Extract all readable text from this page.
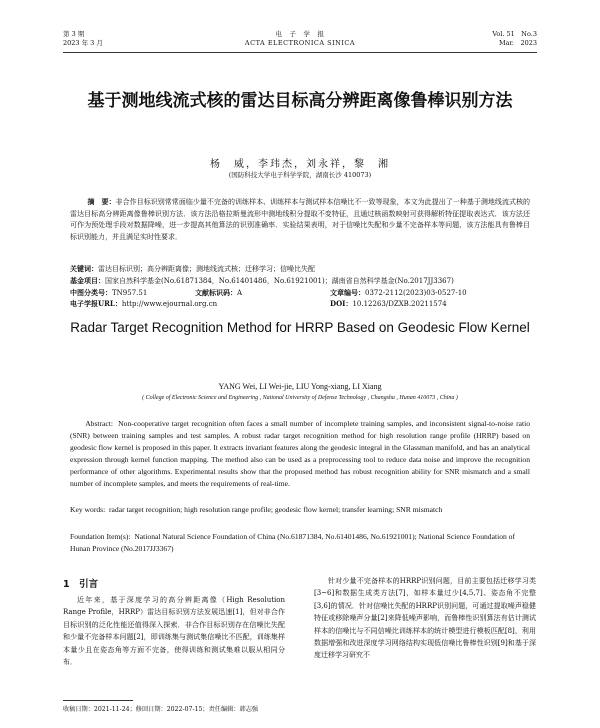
第 3 期
2023 年 3 月
电　子　学　报
ACTA ELECTRONICA SINICA
Vol. 51　No.3
Mar.　2023
基于测地线流式核的雷达目标高分辨距离像鲁棒识别方法
杨　威，李玮杰，刘永祥，黎　湘
(国防科技大学电子科学学院，湖南长沙 410073)
摘　要：非合作目标识别常常面临少量不完备的训练样本、训练样本与测试样本信噪比不一致等现象，本文为此提出了一种基于测地线流式核的雷达目标高分辨距离像鲁棒识别方法．该方法沿格拉斯曼流形中测地线积分提取不变特征，且通过核函数映射可获得解析特征提取表达式．该方法还可作为预处理手段对数据降噪，进一步提高其他算法的识别准确率．实验结果表明，对于信噪比失配和少量不完备样本等问题，该方法能具有鲁棒目标识别能力，并且满足实时性要求．
关键词：雷达目标识别；高分辨距离像；测地线流式核；迁移学习；信噪比失配
基金项目：国家自然科学基金(No.61871384，No.61401486，No.61921001)；湖南省自然科学基金(No.2017JJ3367)
中图分类号：TN957.51	文献标识码：A	文章编号：0372-2112(2023)03-0527-10
电子学报URL：http://www.ejournal.org.cn	DOI：10.12263/DZXB.20211574
Radar Target Recognition Method for HRRP Based on Geodesic Flow Kernel
YANG Wei, LI Wei-jie, LIU Yong-xiang, LI Xiang
( College of Electronic Science and Engineering , National University of Defense Technology , Changsha , Hunan 410073 , China )
Abstract: Non-cooperative target recognition often faces a small number of incomplete training samples, and inconsistent signal-to-noise ratio (SNR) between training samples and test samples. A robust radar target recognition method for high resolution range profile (HRRP) based on geodesic flow kernel is proposed in this paper. It extracts invariant features along the geodesic integral in the Glassman manifold, and has an analytical expression through kernel function mapping. The method also can be used as a preprocessing tool to reduce data noise and improve the recognition performance of other algorithms. Experimental results show that the proposed method has robust recognition ability for SNR mismatch and a small number of incomplete samples, and meets the requirements of real-time.
Key words: radar target recognition; high resolution range profile; geodesic flow kernel; transfer learning; SNR mismatch
Foundation Item(s): National Natural Science Foundation of China (No.61871384, No.61401486, No.61921001); National Science Foundation of Hunan Province (No.2017JJ3367)
1　引言
近年来，基于深度学习的高分辨距离像（High Resolution Range Profile，HRRP）雷达目标识别方法发展迅速[1]，但对非合作目标识别的泛化性能还值得深入探索．非合作目标识别存在信噪比失配和少量不完备样本问题[2]，即训练集与测试集信噪比不匹配，训练集样本量少且在姿态角等方面不完备，使得训练和测试集难以服从相同分布．
针对少量不完备样本的HRRP识别问题，目前主要包括迁移学习类[3~6]和数据生成类方法[7]，如样本量过少[4,5,7]、姿态角不完整[3,6]的情况．针对信噪比失配的HRRP识别问题，可通过提取噪声稳健特征或移除噪声分量[2]来降低噪声影响，而鲁棒性识别算法有估计测试样本的信噪比与不同信噪比训练样本的统计模型进行模板匹配[8]，利用数据增强和改进深度学习网络结构实现低信噪比鲁棒性识别[9]和基于深度迁移学习研究不
收稿日期：2021-11-24；修回日期：2022-07-15；责任编辑：韩志强
